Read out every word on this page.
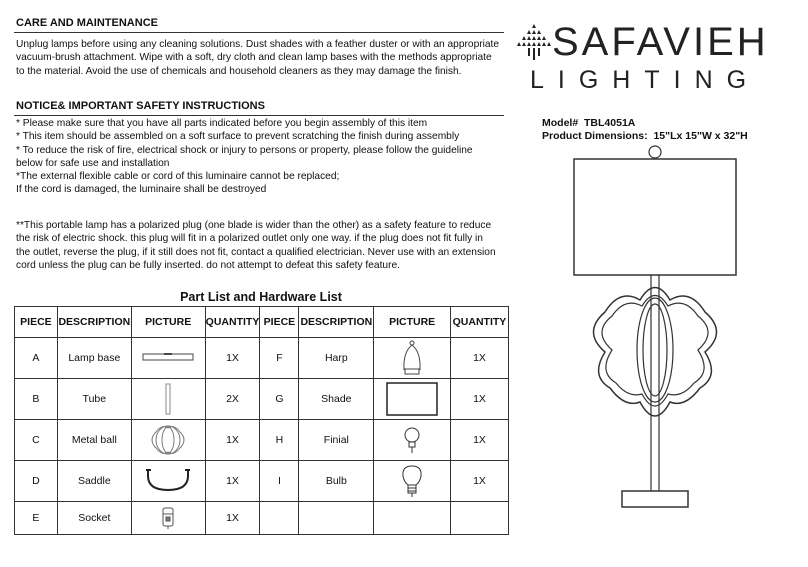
CARE AND MAINTENANCE
Unplug lamps before using any cleaning solutions. Dust shades with a feather duster or with an appropriate
vacuum-brush attachment. Wipe with a soft, dry cloth and clean lamp bases with the methods appropriate
to the material. Avoid the use of chemicals and household cleaners as they may damage the finish.
NOTICE& IMPORTANT SAFETY INSTRUCTIONS
* Please make sure that you have all parts indicated before you begin assembly of this item
* This item should be assembled on a soft surface to prevent scratching the finish during assembly
* To reduce the risk of fire, electrical shock or injury to persons or property, please follow the guideline
below for safe use and installation
*The external flexible cable or cord of this luminaire cannot be replaced;
If the cord is damaged, the luminaire shall be destroyed
**This portable lamp has a polarized plug (one blade is wider than the other) as a safety feature to reduce
the risk of electric shock. this plug will fit in a polarized outlet only one way. if the plug does not fit fully in
the outlet, reverse the plug, if it still does not fit, contact a qualified electrician. Never use with an extension
cord unless the plug can be fully inserted. do not attempt to defeat this safety feature.
SAFAVIEH
LIGHTING
Model# TBL4051A
Product Dimensions: 15"Lx 15"W x 32"H
Part List and Hardware List
PIECE	DESCRIPTION	PICTURE	QUANTITY	PIECE	DESCRIPTION	PICTURE	QUANTITY
A	Lamp base		1X	F	Harp		1X
B	Tube		2X	G	Shade		1X
C	Metal ball		1X	H	Finial		1X
D	Saddle		1X	I	Bulb		1X
E	Socket		1X				
